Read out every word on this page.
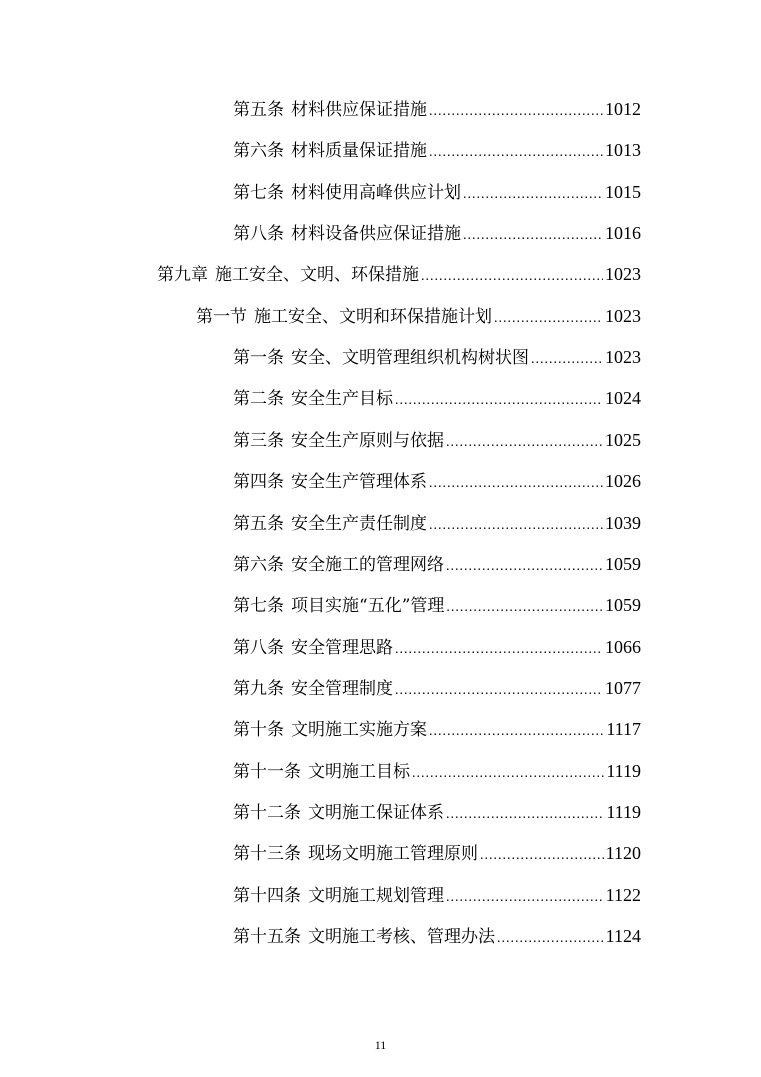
第五条 材料供应保证措施 .....	1012
第六条 材料质量保证措施 .....	1013
第七条 材料使用高峰供应计划 .....	1015
第八条 材料设备供应保证措施 .....	1016
第九章 施工安全、文明、环保措施 .....	1023
第一节 施工安全、文明和环保措施计划 .....	1023
第一条 安全、文明管理组织机构树状图 .....	1023
第二条 安全生产目标 .....	1024
第三条 安全生产原则与依据 .....	1025
第四条 安全生产管理体系 .....	1026
第五条 安全生产责任制度 .....	1039
第六条 安全施工的管理网络 .....	1059
第七条 项目实施“五化”管理 .....	1059
第八条 安全管理思路 .....	1066
第九条 安全管理制度 .....	1077
第十条 文明施工实施方案 .....	1117
第十一条 文明施工目标 .....	1119
第十二条 文明施工保证体系 .....	1119
第十三条 现场文明施工管理原则 .....	1120
第十四条 文明施工规划管理 .....	1122
第十五条 文明施工考核、管理办法 .....	1124
11
